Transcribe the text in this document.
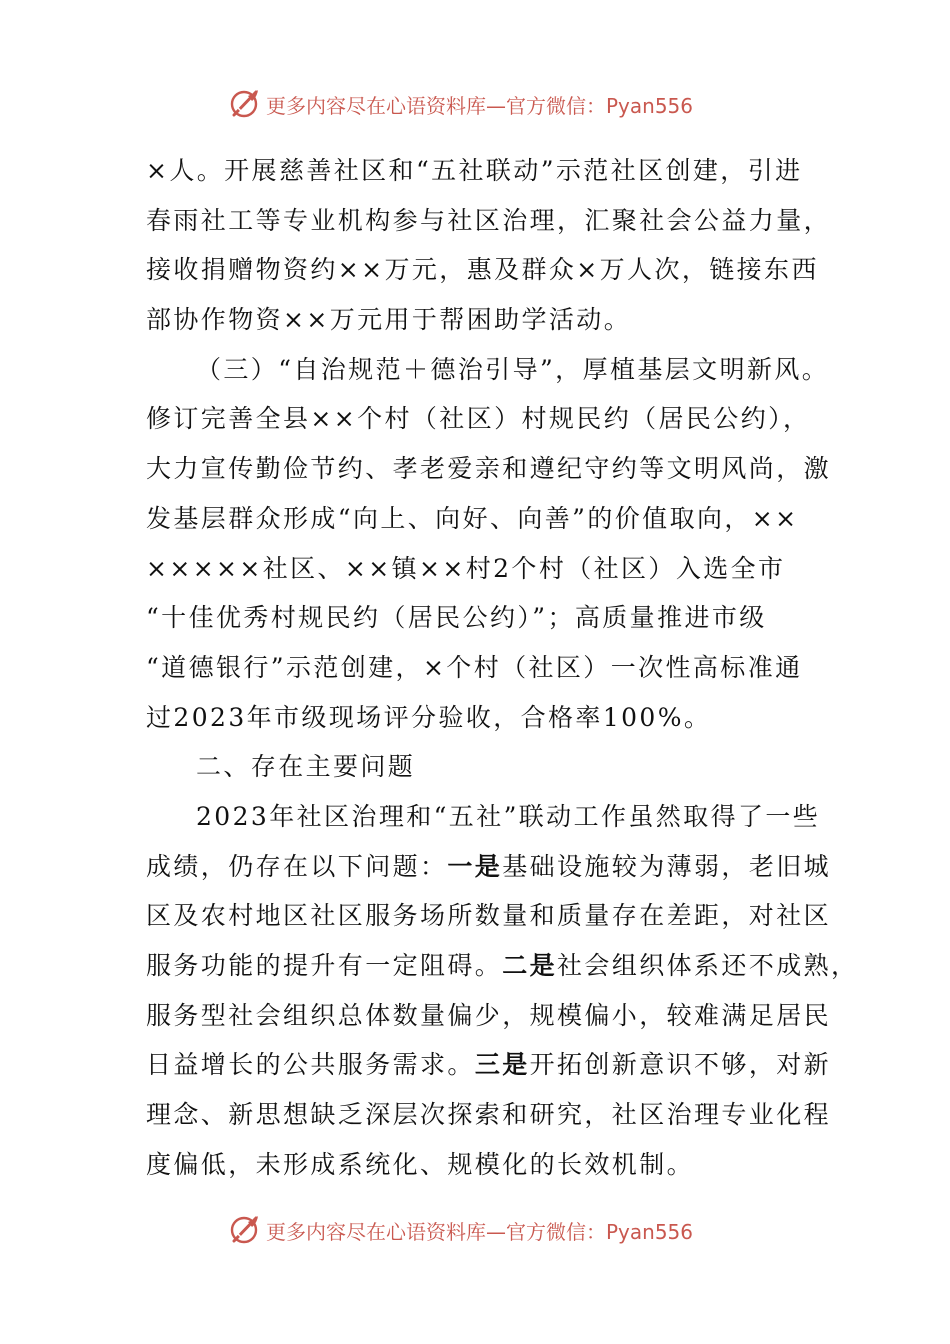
更多内容尽在心语资料库—官方微信：Pyan556
×人。开展慈善社区和“五社联动”示范社区创建，引进
春雨社工等专业机构参与社区治理，汇聚社会公益力量，
接收捐赠物资约××万元，惠及群众×万人次，链接东西
部协作物资××万元用于帮困助学活动。
（三）“自治规范＋德治引导”，厚植基层文明新风。
修订完善全县××个村（社区）村规民约（居民公约），
大力宣传勤俭节约、孝老爱亲和遵纪守约等文明风尚，激
发基层群众形成“向上、向好、向善”的价值取向，××
×××××社区、××镇××村2个村（社区）入选全市
“十佳优秀村规民约（居民公约）”；高质量推进市级
“道德银行”示范创建，×个村（社区）一次性高标准通
过2023年市级现场评分验收，合格率100%。
二、存在主要问题
2023年社区治理和“五社”联动工作虽然取得了一些
成绩，仍存在以下问题：一是基础设施较为薄弱，老旧城
区及农村地区社区服务场所数量和质量存在差距，对社区
服务功能的提升有一定阻碍。二是社会组织体系还不成熟，
服务型社会组织总体数量偏少，规模偏小，较难满足居民
日益增长的公共服务需求。三是开拓创新意识不够，对新
理念、新思想缺乏深层次探索和研究，社区治理专业化程
度偏低，未形成系统化、规模化的长效机制。
更多内容尽在心语资料库—官方微信：Pyan556
